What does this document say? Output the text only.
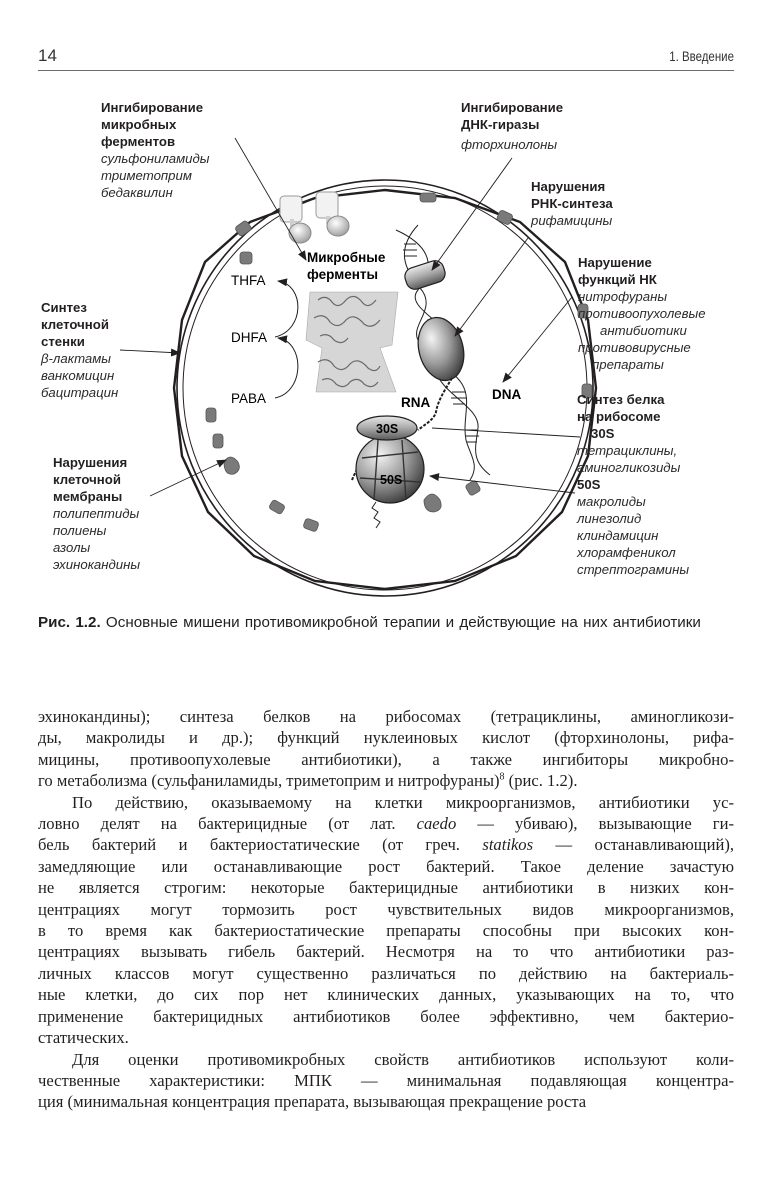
14	1. Введение
Микробные
ферменты
THFA
DHFA
PABA	RNA
DNA
30S
50S
Ингибирование
микробных
ферментов
сульфониламиды
триметоприм
бедаквилин
Ингибирование
ДНК-гиразы
фторхинолоны
Нарушения
РНК-синтеза
рифамицины
Нарушение
функций НК
нитрофураны
противоопухолевые
антибиотики
противовирусные
препараты
Синтез
клеточной
стенки
β-лактамы
ванкомицин
бацитрацин
Нарушения
клеточной
мембраны
полипептиды
полиены
азолы
эхинокандины
Синтез белка
на рибосоме
30S
тетрациклины,
аминогликозиды
50S
макролиды
линезолид
клиндамицин
хлорамфеникол
стрептограмины
Рис. 1.2. Основные мишени противомикробной терапии и действующие на них антибиотики

эхинокандины); синтеза белков на рибосомах (тетрациклины, аминогликози-
ды, макролиды и др.); функций нуклеиновых кислот (фторхинолоны, рифа-
мицины, противоопухолевые антибиотики), а также ингибиторы микробно-
го метаболизма (сульфаниламиды, триметоприм и нитрофураны)$^8$ (рис. 1.2).

По действию, оказываемому на клетки микроорганизмов, антибиотики ус-
ловно делят на бактерицидные (от лат. caedo — убиваю), вызывающие ги-
бель бактерий и бактериостатические (от греч. statikos — останавливающий),
замедляющие или останавливающие рост бактерий. Такое деление зачастую
не является строгим: некоторые бактерицидные антибиотики в низких кон-
центрациях могут тормозить рост чувствительных видов микроорганизмов,
в то время как бактериостатические препараты способны при высоких кон-
центрациях вызывать гибель бактерий. Несмотря на то что антибиотики раз-
личных классов могут существенно различаться по действию на бактериаль-
ные клетки, до сих пор нет клинических данных, указывающих на то, что
применение бактерицидных антибиотиков более эффективно, чем бактерио-
статических.

Для оценки противомикробных свойств антибиотиков используют коли-
чественные характеристики: МПК — минимальная подавляющая концентра-
ция (минимальная концентрация препарата, вызывающая прекращение роста
